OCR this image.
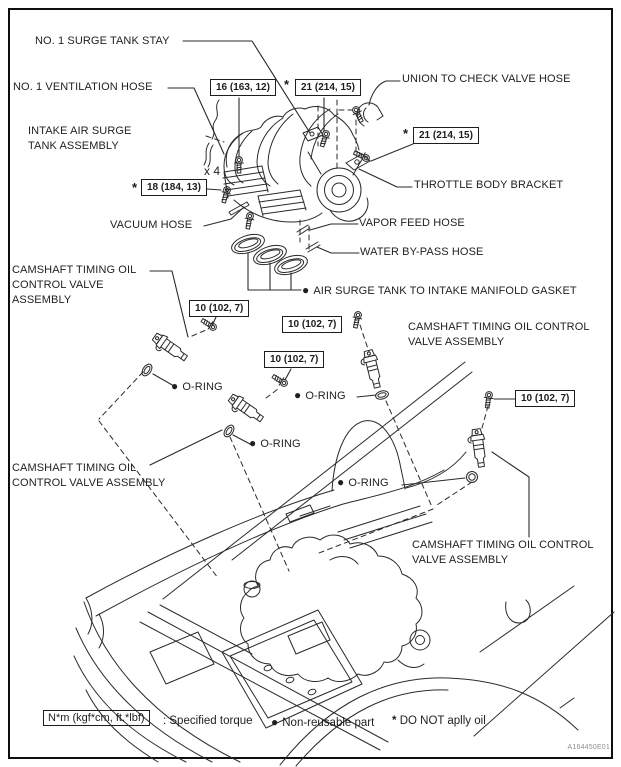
NO. 1 SURGE TANK STAY
NO. 1 VENTILATION HOSE
INTAKE AIR SURGE
TANK ASSEMBLY
UNION TO CHECK VALVE HOSE
THROTTLE BODY BRACKET
VACUUM HOSE	VAPOR FEED HOSE
WATER BY-PASS HOSE
● AIR SURGE TANK TO INTAKE MANIFOLD GASKET
CAMSHAFT TIMING OIL
CONTROL VALVE
ASSEMBLY
CAMSHAFT TIMING OIL CONTROL
VALVE ASSEMBLY
● O-RING
● O-RING
● O-RING
● O-RING
CAMSHAFT TIMING OIL
CONTROL VALVE ASSEMBLY
CAMSHAFT TIMING OIL CONTROL
VALVE ASSEMBLY
x 4
16 (163, 12)	*	21 (214, 15)
*	21 (214, 15)
* 18 (184, 13)
10 (102, 7)
10 (102, 7)
10 (102, 7)
10 (102, 7)
N*m (kgf*cm, ft.*lbf)	: Specified torque ● Non-reusable part * DO NOT aplly oil
A164450E01
